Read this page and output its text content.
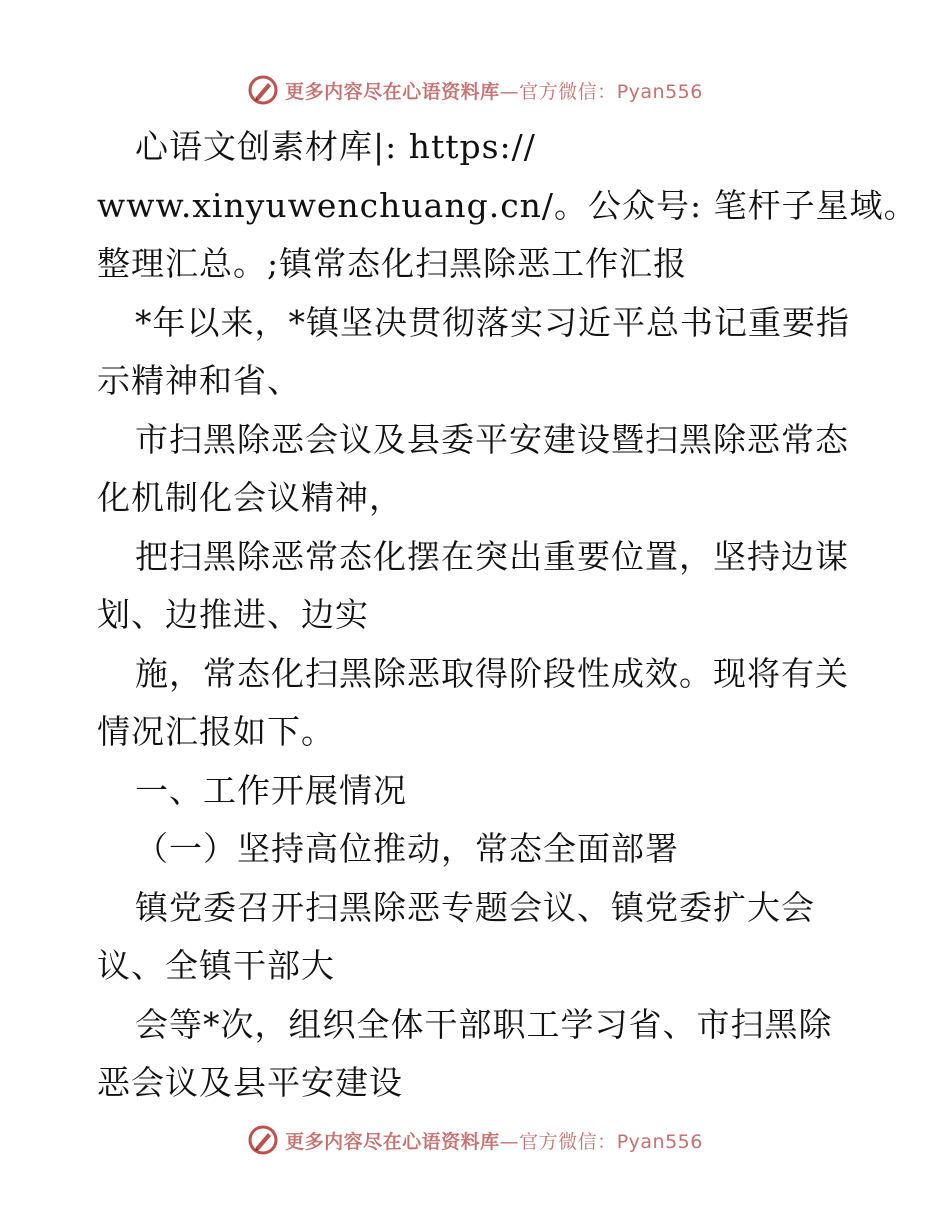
更多内容尽在心语资料库—官方微信：Pyan556

心语文创素材库|: https://

www.xinyuwenchuang.cn/。公众号: 笔杆子星域。

整理汇总。;镇常态化扫黑除恶工作汇报

*年以来，*镇坚决贯彻落实习近平总书记重要指

示精神和省、

市扫黑除恶会议及县委平安建设暨扫黑除恶常态

化机制化会议精神，

把扫黑除恶常态化摆在突出重要位置，坚持边谋

划、边推进、边实

施，常态化扫黑除恶取得阶段性成效。现将有关

情况汇报如下。

一、工作开展情况

（一）坚持高位推动，常态全面部署

镇党委召开扫黑除恶专题会议、镇党委扩大会

议、全镇干部大

会等*次，组织全体干部职工学习省、市扫黑除

恶会议及县平安建设

更多内容尽在心语资料库—官方微信：Pyan556
